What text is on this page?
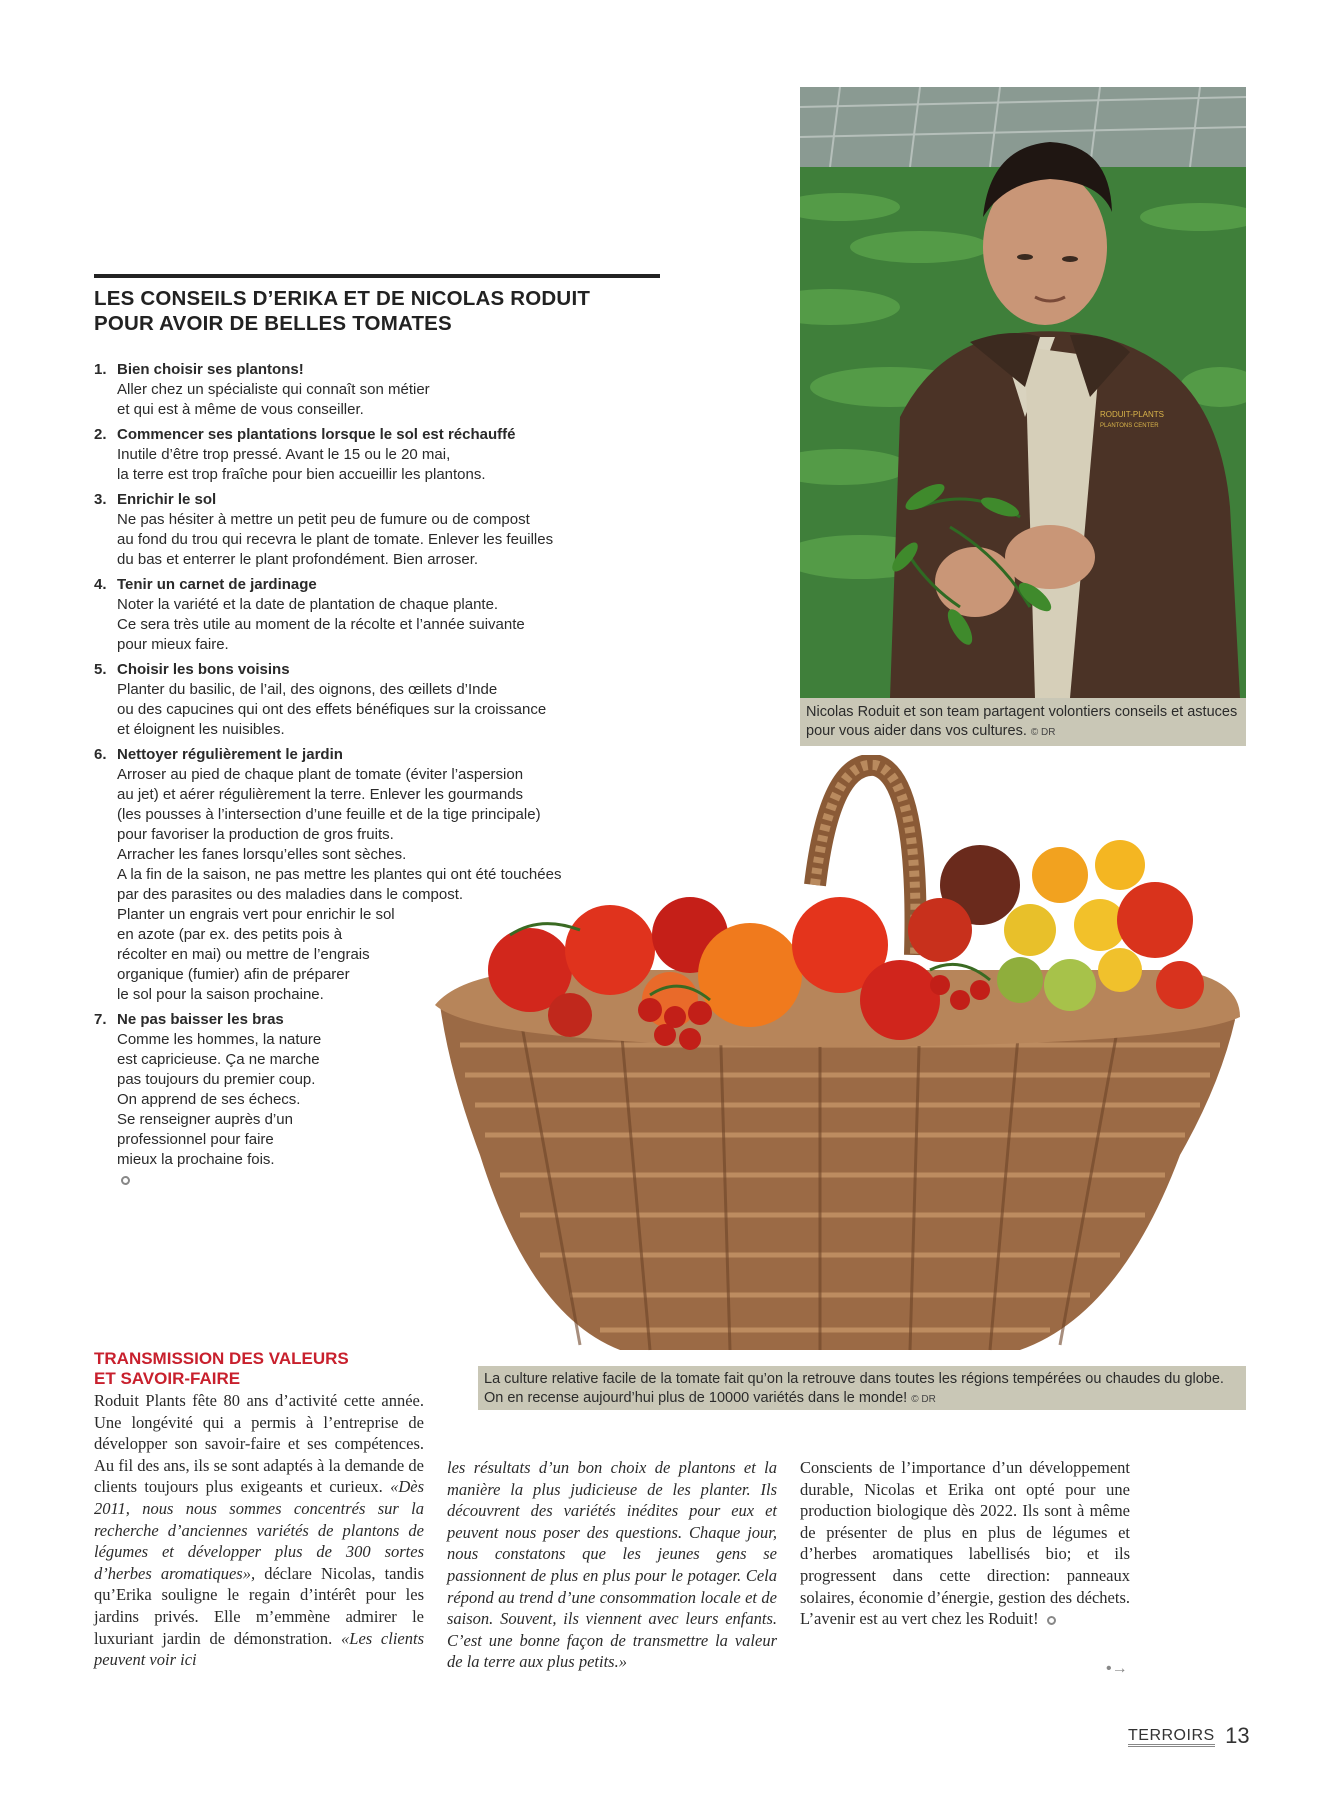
RODUIT-PLANTS
PLANTONS CENTER
Nicolas Roduit et son team partagent volontiers conseils et astuces pour vous aider dans vos cultures. © DR
LES CONSEILS D’ERIKA ET DE NICOLAS RODUIT
POUR AVOIR DE BELLES TOMATES
La culture relative facile de la tomate fait qu’on la retrouve dans toutes les régions tempérées ou chaudes du globe. On en recense aujourd’hui plus de 10000 variétés dans le monde! © DR
1. Bien choisir ses plantons!
Aller chez un spécialiste qui connaît son métier
et qui est à même de vous conseiller.
2. Commencer ses plantations lorsque le sol est réchauffé
Inutile d’être trop pressé. Avant le 15 ou le 20 mai,
la terre est trop fraîche pour bien accueillir les plantons.
3. Enrichir le sol
Ne pas hésiter à mettre un petit peu de fumure ou de compost
au fond du trou qui recevra le plant de tomate. Enlever les feuilles
du bas et enterrer le plant profondément. Bien arroser.
4. Tenir un carnet de jardinage
Noter la variété et la date de plantation de chaque plante.
Ce sera très utile au moment de la récolte et l’année suivante
pour mieux faire.
5. Choisir les bons voisins
Planter du basilic, de l’ail, des oignons, des œillets d’Inde
ou des capucines qui ont des effets bénéfiques sur la croissance
et éloignent les nuisibles.
6. Nettoyer régulièrement le jardin
Arroser au pied de chaque plant de tomate (éviter l’aspersion
au jet) et aérer régulièrement la terre. Enlever les gourmands
(les pousses à l’intersection d’une feuille et de la tige principale)
pour favoriser la production de gros fruits.
Arracher les fanes lorsqu’elles sont sèches.
A la fin de la saison, ne pas mettre les plantes qui ont été touchées
par des parasites ou des maladies dans le compost.
Planter un engrais vert pour enrichir le sol
en azote (par ex. des petits pois à
récolter en mai) ou mettre de l’engrais
organique (fumier) afin de préparer
le sol pour la saison prochaine.
7. Ne pas baisser les bras
Comme les hommes, la nature
est capricieuse. Ça ne marche
pas toujours du premier coup.
On apprend de ses échecs.
Se renseigner auprès d’un
professionnel pour faire
mieux la prochaine fois.
TRANSMISSION DES VALEURS
ET SAVOIR-FAIRE
Roduit Plants fête 80 ans d’activité cette année. Une longévité qui a permis à l’entreprise de développer son savoir-faire et ses compétences. Au fil des ans, ils se sont adaptés à la demande de clients toujours plus exigeants et curieux. «Dès 2011, nous nous sommes concentrés sur la recherche d’anciennes variétés de plantons de légumes et développer plus de 300 sortes d’herbes aromatiques», déclare Nicolas, tandis qu’Erika souligne le regain d’intérêt pour les jardins privés. Elle m’emmène admirer le luxuriant jardin de démonstration. «Les clients peuvent voir ici
les résultats d’un bon choix de plantons et la manière la plus judicieuse de les planter. Ils découvrent des variétés inédites pour eux et peuvent nous poser des questions. Chaque jour, nous constatons que les jeunes gens se passionnent de plus en plus pour le potager. Cela répond au trend d’une consommation locale et de saison. Souvent, ils viennent avec leurs enfants. C’est une bonne façon de transmettre la valeur de la terre aux plus petits.»
Conscients de l’importance d’un développement durable, Nicolas et Erika ont opté pour une production biologique dès 2022. Ils sont à même de présenter de plus en plus de légumes et d’herbes aromatiques labellisés bio; et ils progressent dans cette direction: panneaux solaires, économie d’énergie, gestion des déchets. L’avenir est au vert chez les Roduit!
•→
TERROIRS 13
